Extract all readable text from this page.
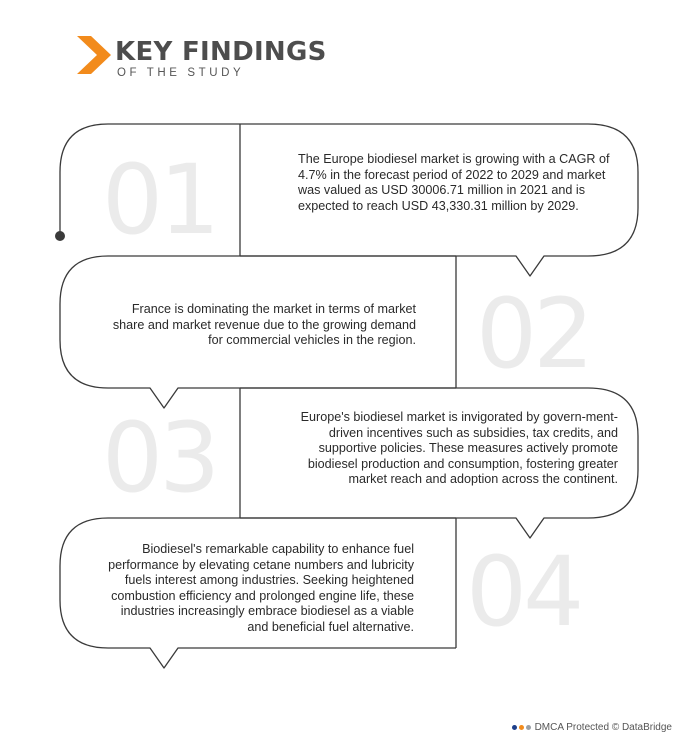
KEY FINDINGS
OF THE STUDY
01
02
03
04
The Europe biodiesel market is growing with a CAGR of 4.7% in the forecast period of 2022 to 2029 and market was valued as USD 30006.71 million in 2021 and is expected to reach USD 43,330.31 million by 2029.
France is dominating the market in terms of market share and market revenue due to the growing demand for commercial vehicles in the region.
Europe's biodiesel market is invigorated by govern-ment-driven incentives such as subsidies, tax credits, and supportive policies. These measures actively promote biodiesel production and consumption, fostering greater market reach and adoption across the continent.
Biodiesel's remarkable capability to enhance fuel performance by elevating cetane numbers and lubricity fuels interest among industries. Seeking heightened combustion efficiency and prolonged engine life, these industries increasingly embrace biodiesel as a viable and beneficial fuel alternative.
DMCA Protected © DataBridge
